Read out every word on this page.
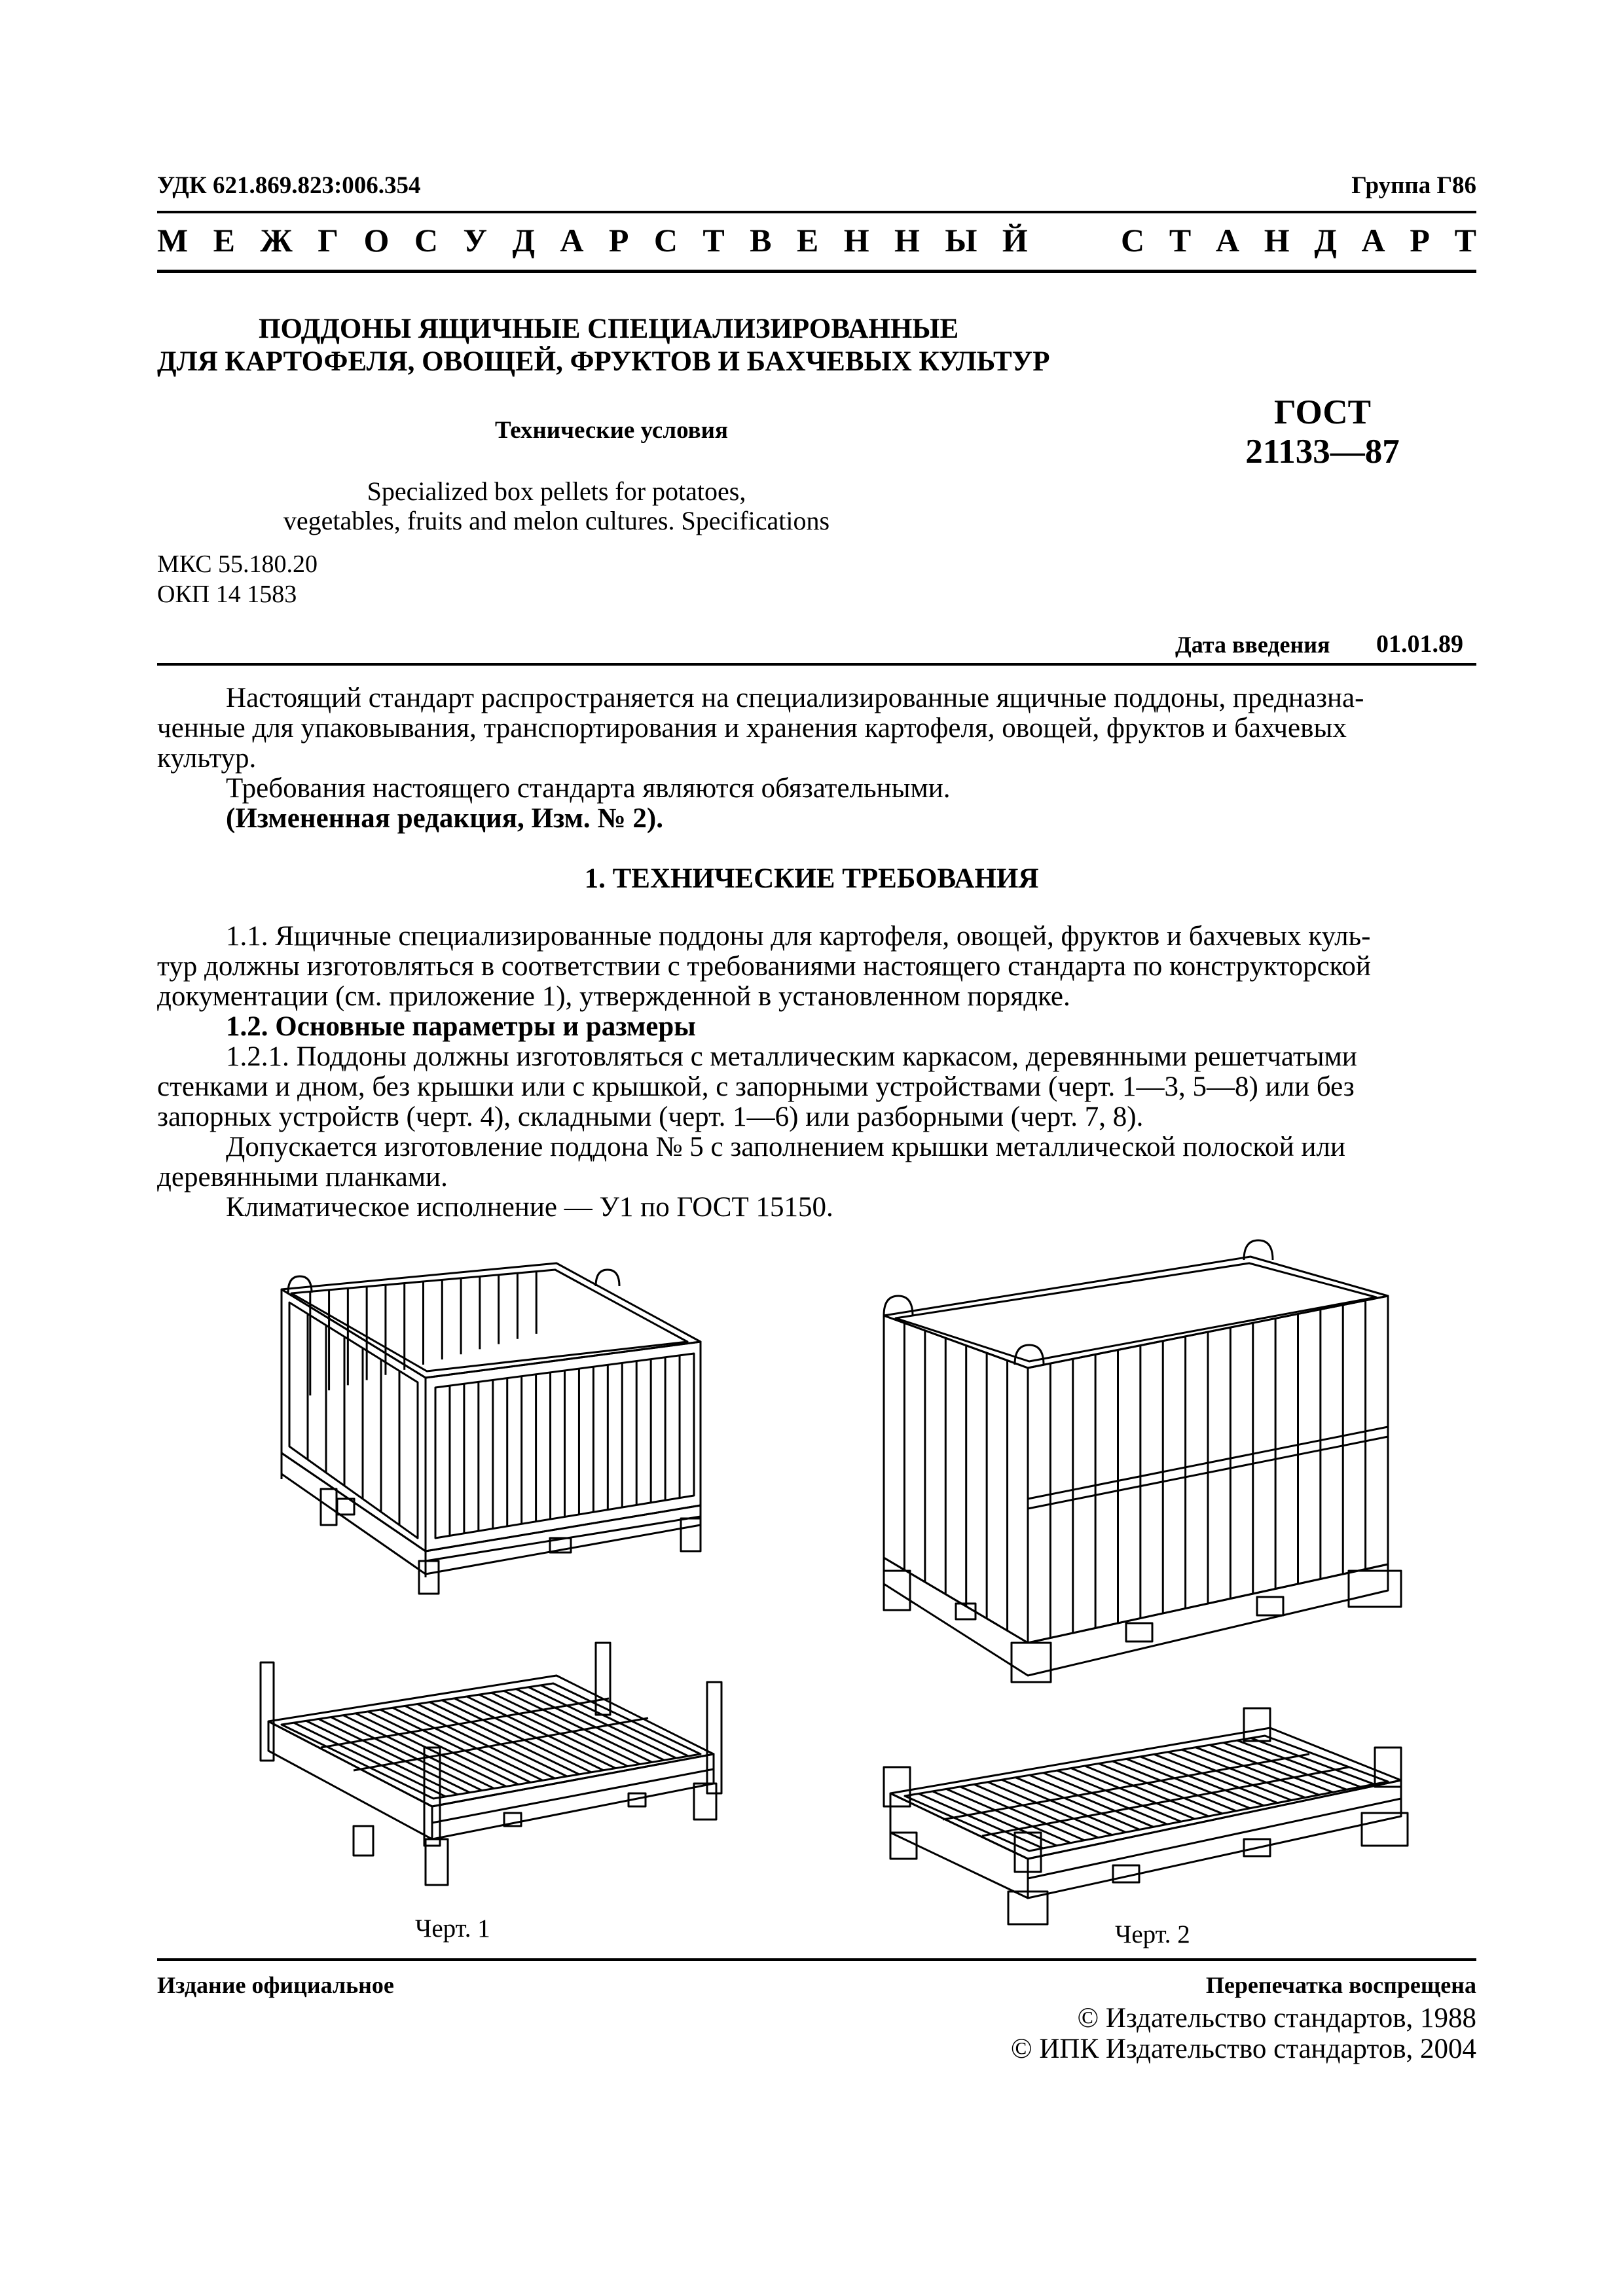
УДК 621.869.823:006.354	Группа Г86
М Е Ж Г О С У Д А Р С Т В Е Н Н Ы Й	С Т А Н Д А Р Т
ПОДДОНЫ ЯЩИЧНЫЕ СПЕЦИАЛИЗИРОВАННЫЕ
ДЛЯ КАРТОФЕЛЯ, ОВОЩЕЙ, ФРУКТОВ И БАХЧЕВЫХ КУЛЬТУР
Технические условия
Specialized box pellets for potatoes,
vegetables, fruits and melon cultures. Specifications
ГОСТ
21133—87
МКС 55.180.20
ОКП 14 1583
Дата введения 01.01.89
Настоящий стандарт распространяется на специализированные ящичные поддоны, предназна-
ченные для упаковывания, транспортирования и хранения картофеля, овощей, фруктов и бахчевых
культур.
Требования настоящего стандарта являются обязательными.
(Измененная редакция, Изм. № 2).
1. ТЕХНИЧЕСКИЕ ТРЕБОВАНИЯ
1.1. Ящичные специализированные поддоны для картофеля, овощей, фруктов и бахчевых куль-
тур должны изготовляться в соответствии с требованиями настоящего стандарта по конструкторской
документации (см. приложение 1), утвержденной в установленном порядке.
1.2. Основные параметры и размеры
1.2.1. Поддоны должны изготовляться с металлическим каркасом, деревянными решетчатыми
стенками и дном, без крышки или с крышкой, с запорными устройствами (черт. 1—3, 5—8) или без
запорных устройств (черт. 4), складными (черт. 1—6) или разборными (черт. 7, 8).
Допускается изготовление поддона № 5 с заполнением крышки металлической полоской или
деревянными планками.
Климатическое исполнение — У1 по ГОСТ 15150.
Черт. 1	Черт. 2
Издание официальное	Перепечатка воспрещена
© Издательство стандартов, 1988
© ИПК Издательство стандартов, 2004
